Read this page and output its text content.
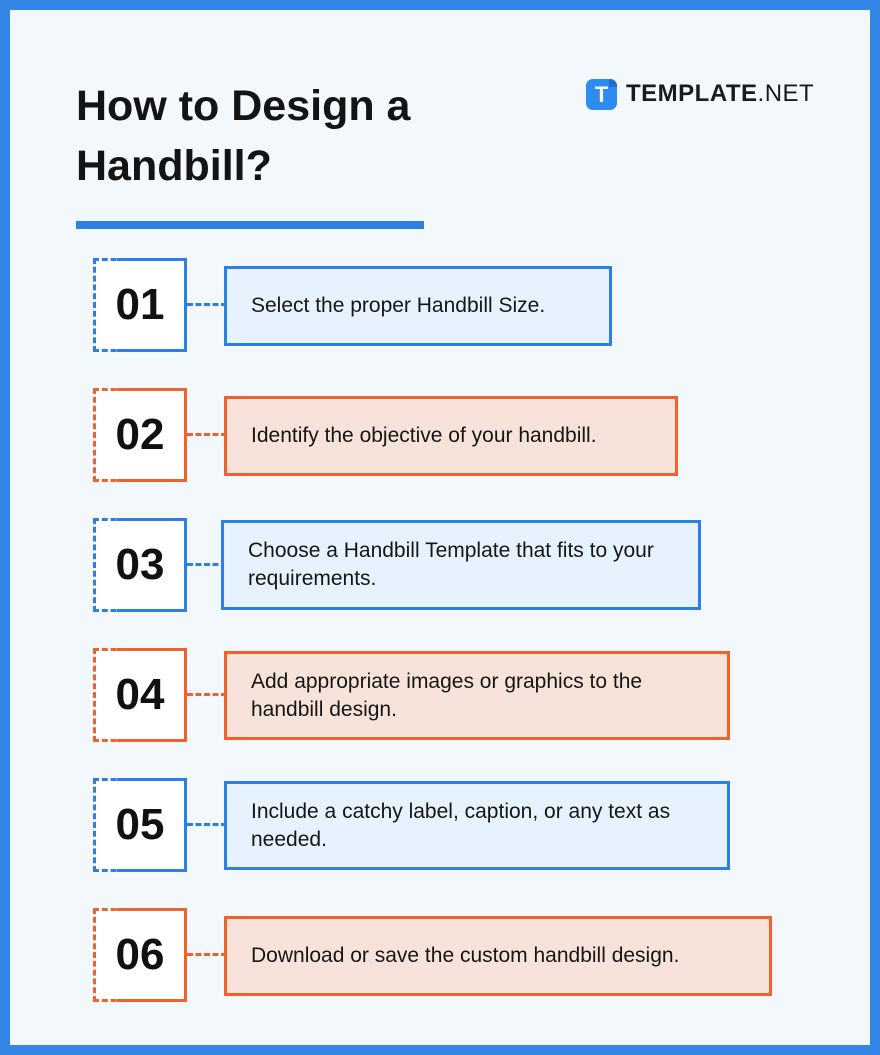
How to Design a Handbill?
T TEMPLATE.NET
01	Select the proper Handbill Size.
02	Identify the objective of your handbill.
03	Choose a Handbill Template that fits to your requirements.
04	Add appropriate images or graphics to the handbill design.
05	Include a catchy label, caption, or any text as needed.
06	Download or save the custom handbill design.
